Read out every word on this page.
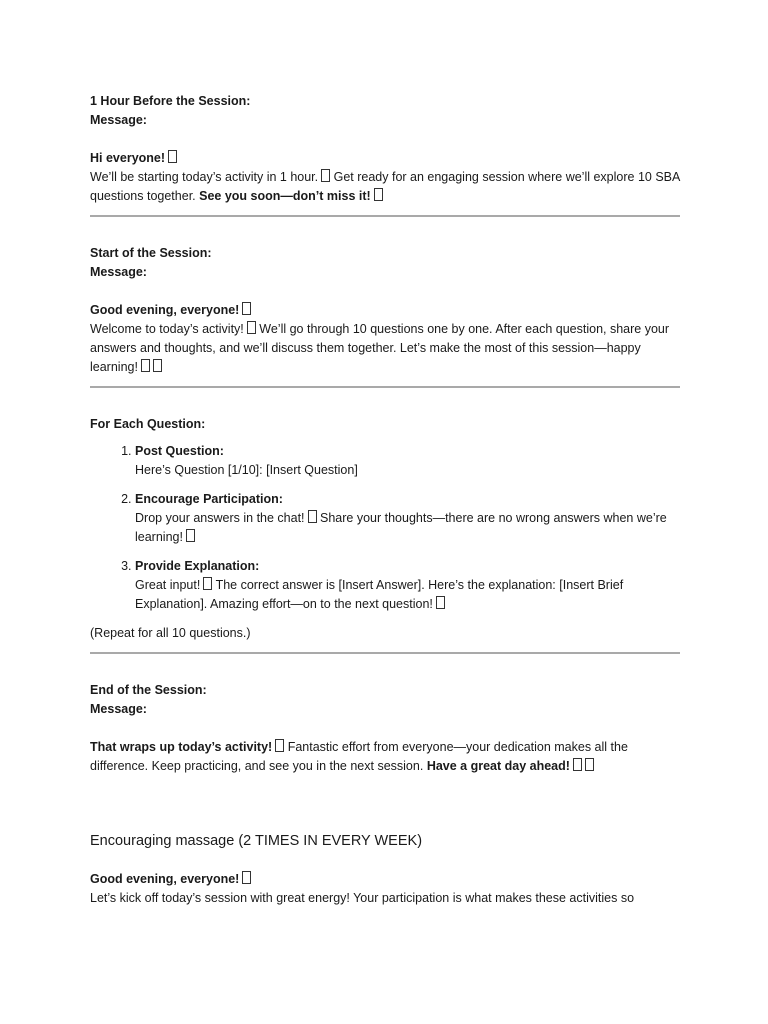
1 Hour Before the Session:

Message:

Hi everyone!

We’ll be starting today’s activity in 1 hour. Get ready for an engaging session where we’ll explore 10 SBA questions together. See you soon—don’t miss it!

Start of the Session:

Message:

Good evening, everyone!

Welcome to today’s activity! We’ll go through 10 questions one by one. After each question, share your answers and thoughts, and we’ll discuss them together. Let’s make the most of this session—happy learning!

For Each Question:

1. Post Question:
Here’s Question [1/10]: [Insert Question]
2. Encourage Participation:
Drop your answers in the chat! Share your thoughts—there are no wrong answers when we’re learning!
3. Provide Explanation:
Great input! The correct answer is [Insert Answer]. Here’s the explanation: [Insert Brief Explanation]. Amazing effort—on to the next question!

(Repeat for all 10 questions.)

End of the Session:

Message:

That wraps up today’s activity! Fantastic effort from everyone—your dedication makes all the difference. Keep practicing, and see you in the next session. Have a great day ahead!

Encouraging massage (2 TIMES IN EVERY WEEK)

Good evening, everyone!

Let’s kick off today’s session with great energy! Your participation is what makes these activities so
